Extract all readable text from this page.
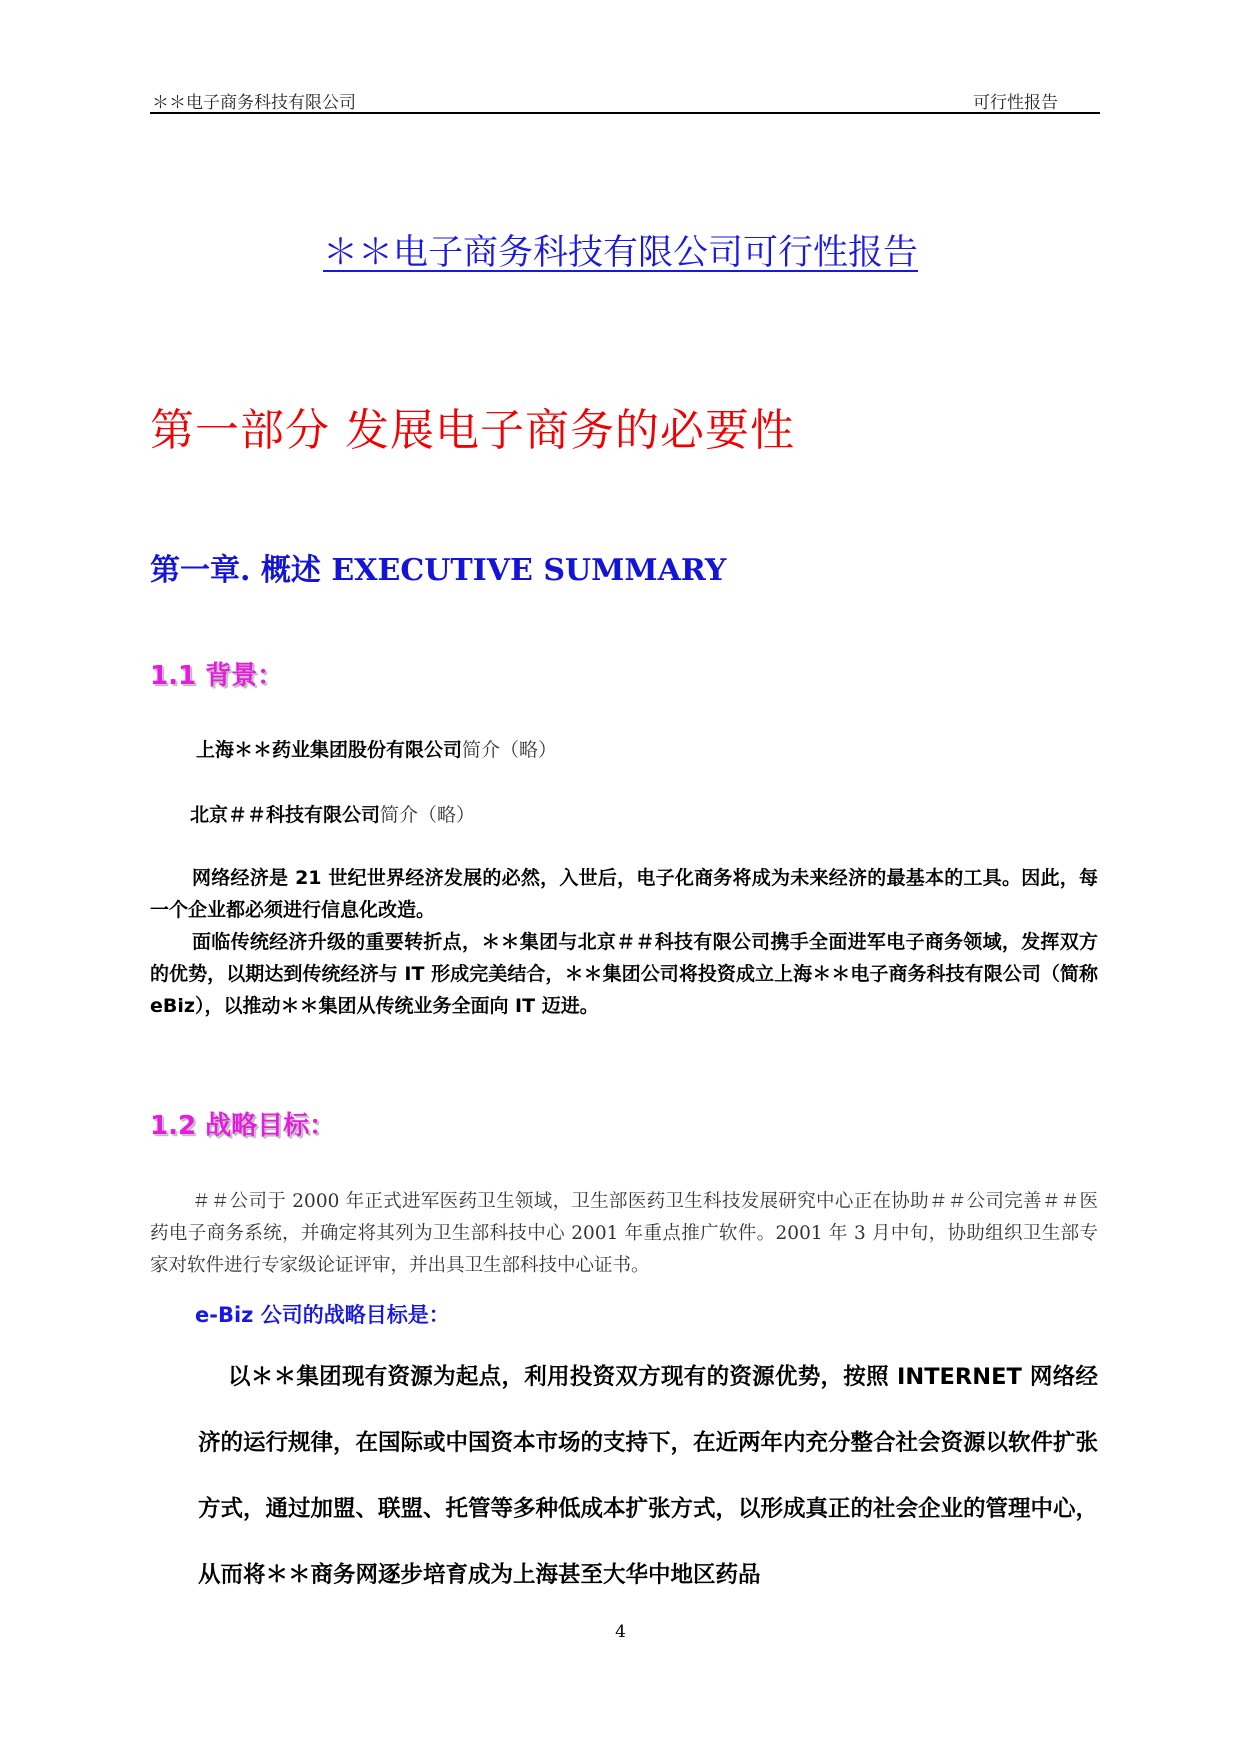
＊＊电子商务科技有限公司	可行性报告
＊＊电子商务科技有限公司可行性报告
第一部分 发展电子商务的必要性
第一章. 概述 EXECUTIVE SUMMARY
1.1 背景：
上海＊＊药业集团股份有限公司简介（略）
北京＃＃科技有限公司简介（略）
网络经济是 21 世纪世界经济发展的必然，入世后，电子化商务将成为未来经济的最基本的工具。因此，每一个企业都必须进行信息化改造。
面临传统经济升级的重要转折点，＊＊集团与北京＃＃科技有限公司携手全面进军电子商务领域，发挥双方的优势，以期达到传统经济与 IT 形成完美结合，＊＊集团公司将投资成立上海＊＊电子商务科技有限公司（简称 eBiz），以推动＊＊集团从传统业务全面向 IT 迈进。
1.2 战略目标：
＃＃公司于 2000 年正式进军医药卫生领域，卫生部医药卫生科技发展研究中心正在协助＃＃公司完善＃＃医药电子商务系统，并确定将其列为卫生部科技中心 2001 年重点推广软件。2001 年 3 月中旬，协助组织卫生部专家对软件进行专家级论证评审，并出具卫生部科技中心证书。
e-Biz 公司的战略目标是：
以＊＊集团现有资源为起点，利用投资双方现有的资源优势，按照 INTERNET 网络经济的运行规律，在国际或中国资本市场的支持下，在近两年内充分整合社会资源以软件扩张方式，通过加盟、联盟、托管等多种低成本扩张方式，以形成真正的社会企业的管理中心，从而将＊＊商务网逐步培育成为上海甚至大华中地区药品
4
